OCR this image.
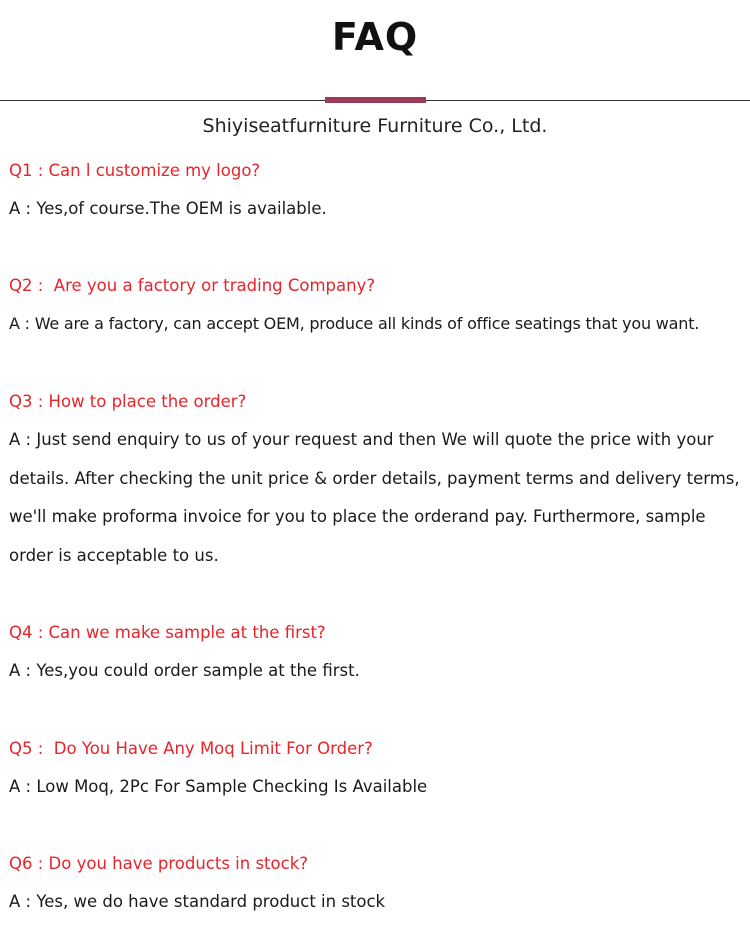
FAQ
Shiyiseatfurniture Furniture Co., Ltd.
Q1 : Can l customize my logo?
A : Yes,of course.The OEM is available.
Q2 :  Are you a factory or trading Company?
A : We are a factory, can accept OEM, produce all kinds of office seatings that you want.
Q3 : How to place the order?
A : Just send enquiry to us of your request and then We will quote the price with your details. After checking the unit price & order details, payment terms and delivery terms, we'll make proforma invoice for you to place the orderand pay. Furthermore, sample order is acceptable to us.
Q4 : Can we make sample at the first?
A : Yes,you could order sample at the first.
Q5 :  Do You Have Any Moq Limit For Order?
A : Low Moq, 2Pc For Sample Checking Is Available
Q6 : Do you have products in stock?
A : Yes, we do have standard product in stock
